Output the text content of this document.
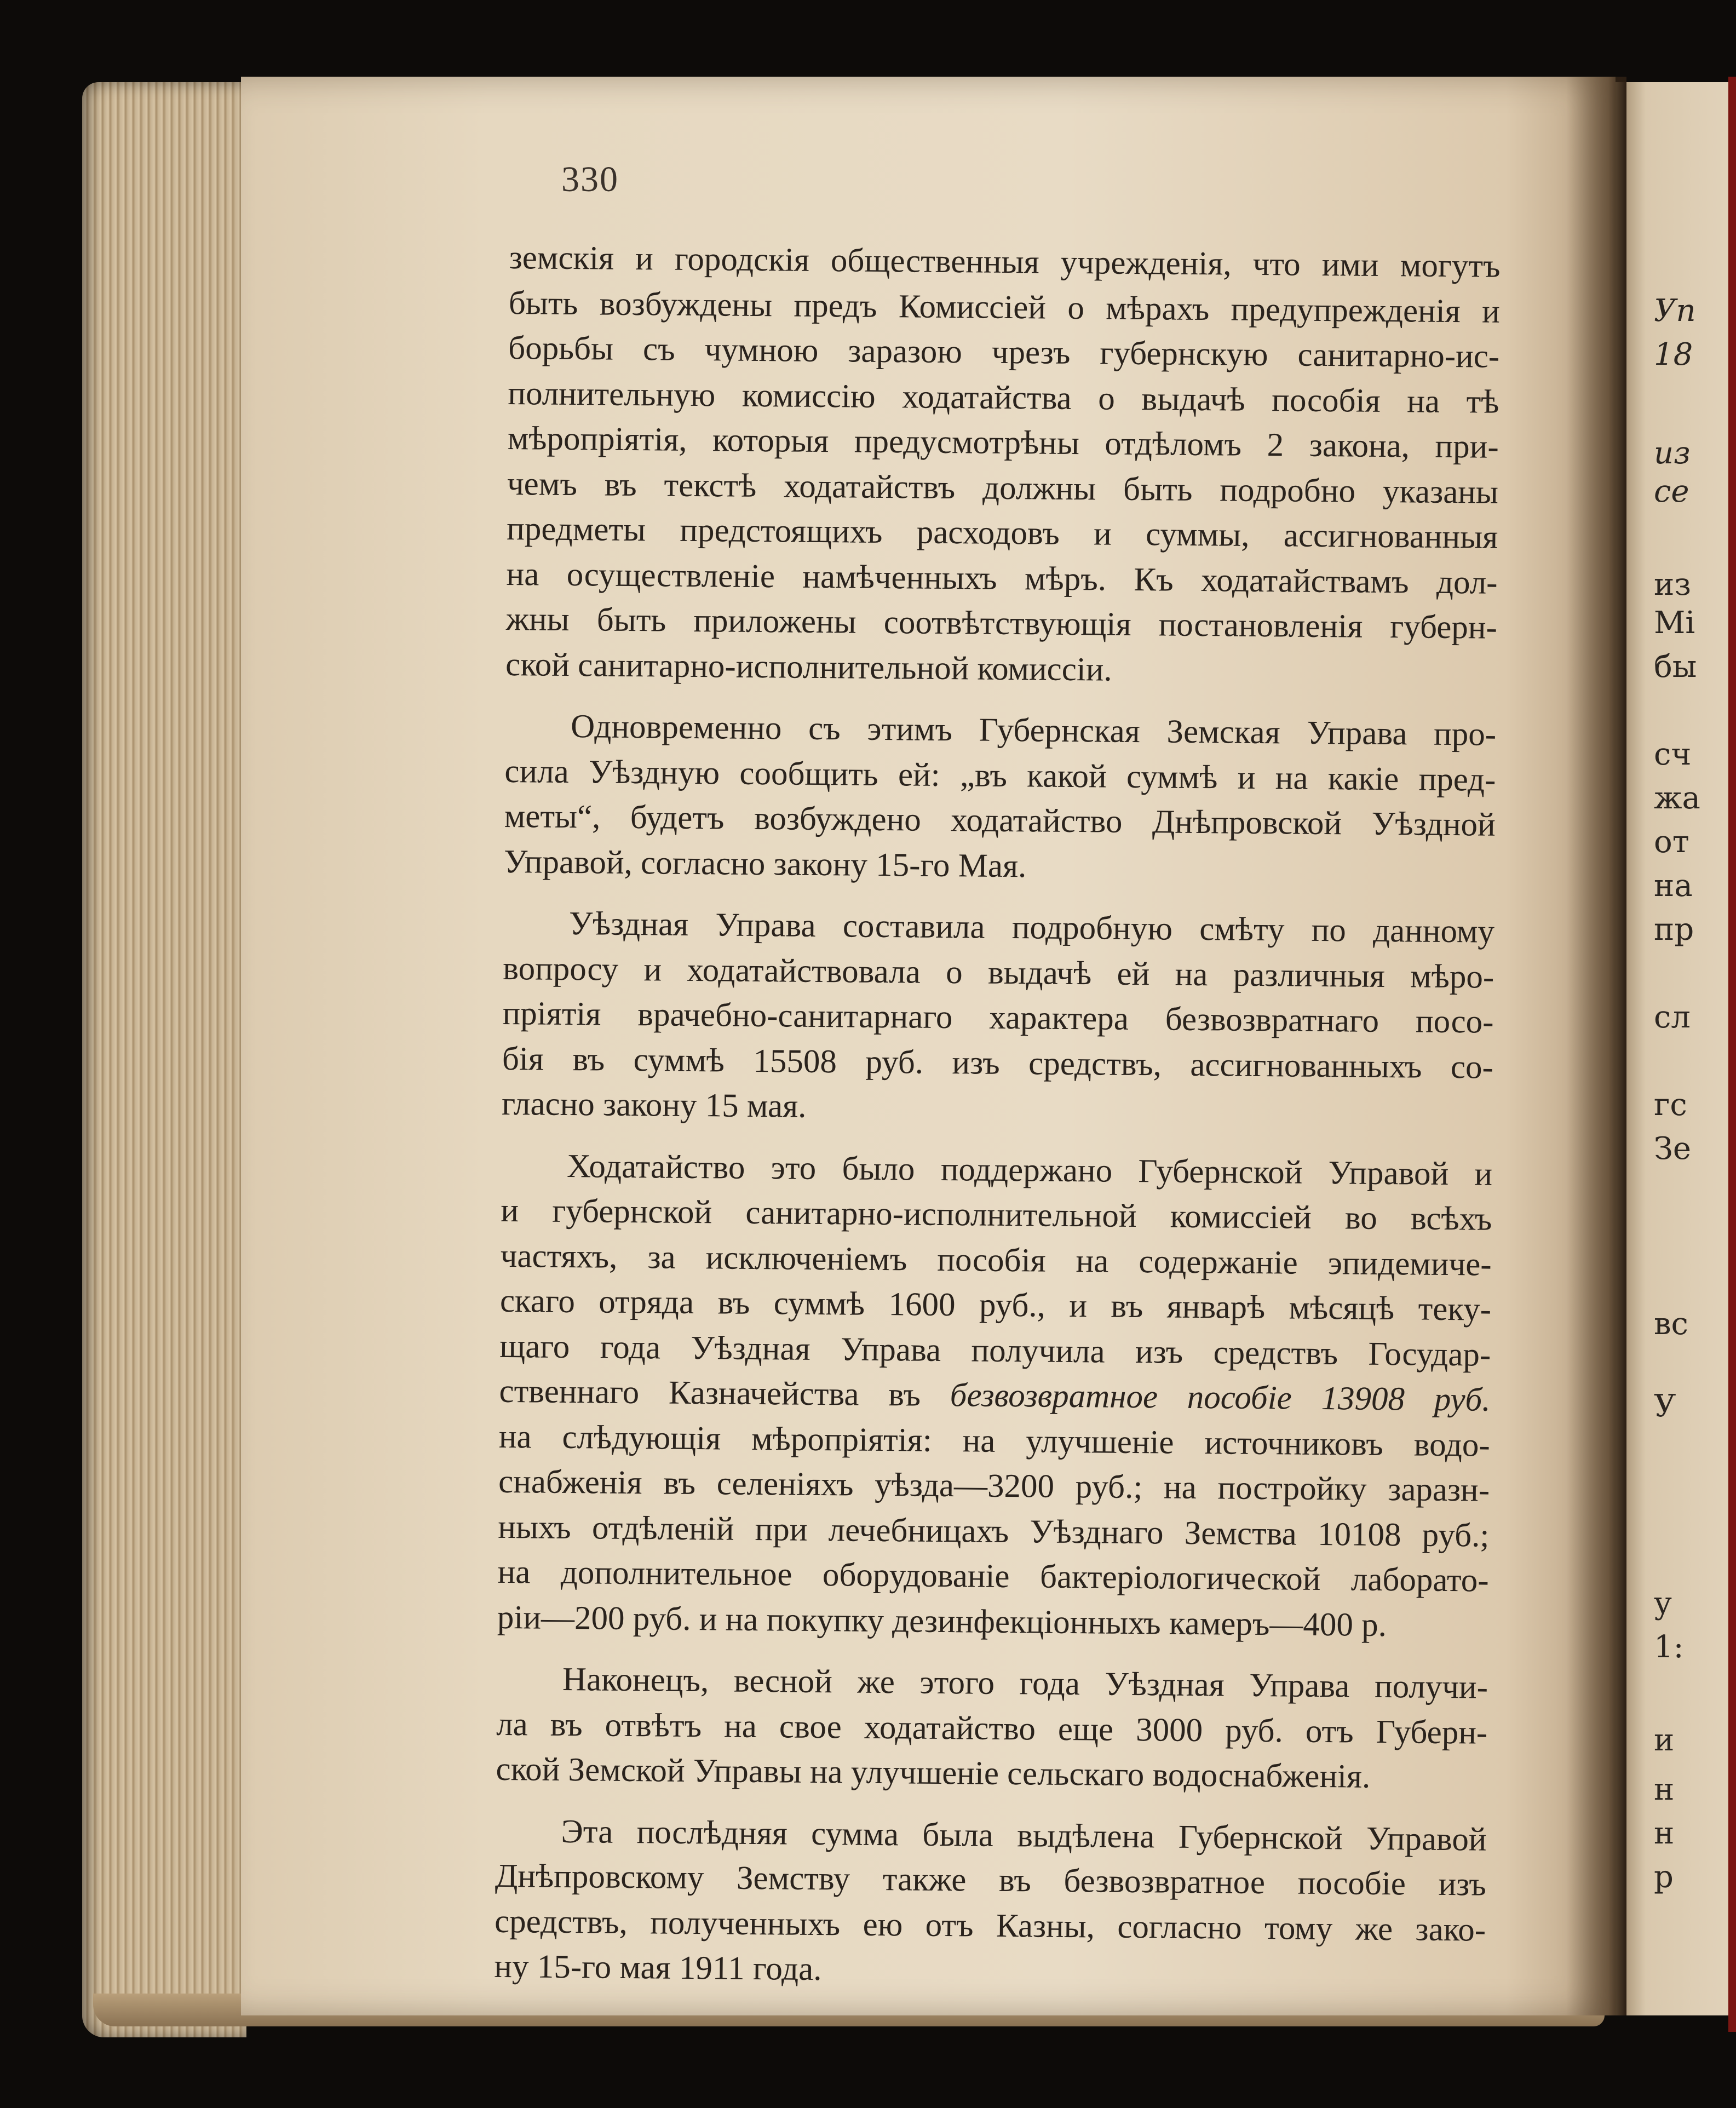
Уп
18
из
се
из
Мі
бы
сч
жа
от
на
пр
сл
гс
Зе
вс
У
у
1:
и
н
н
р
330
земскія и городскія общественныя учрежденія, что ими могутъ
быть возбуждены предъ Комиссіей о мѣрахъ предупрежденія и
борьбы съ чумною заразою чрезъ губернскую санитарно-ис-
полнительную комиссію ходатайства о выдачѣ пособія на тѣ
мѣропріятія, которыя предусмотрѣны отдѣломъ 2 закона, при-
чемъ въ текстѣ ходатайствъ должны быть подробно указаны
предметы предстоящихъ расходовъ и суммы, ассигнованныя
на осуществленіе намѣченныхъ мѣръ. Къ ходатайствамъ дол-
жны быть приложены соотвѣтствующія постановленія губерн-
ской санитарно-исполнительной комиссіи.
Одновременно съ этимъ Губернская Земская Управа про-
сила Уѣздную сообщить ей: „въ какой суммѣ и на какіе пред-
меты“, будетъ возбуждено ходатайство Днѣпровской Уѣздной
Управой, согласно закону 15-го Мая.
Уѣздная Управа составила подробную смѣту по данному
вопросу и ходатайствовала о выдачѣ ей на различныя мѣро-
пріятія врачебно-санитарнаго характера безвозвратнаго посо-
бія въ суммѣ 15508 руб. изъ средствъ, ассигнованныхъ со-
гласно закону 15 мая.
Ходатайство это было поддержано Губернской Управой и
и губернской санитарно-исполнительной комиссіей во всѣхъ
частяхъ, за исключеніемъ пособія на содержаніе эпидемиче-
скаго отряда въ суммѣ 1600 руб., и въ январѣ мѣсяцѣ теку-
щаго года Уѣздная Управа получила изъ средствъ Государ-
ственнаго Казначейства въ безвозвратное пособіе 13908 руб.
на слѣдующія мѣропріятія: на улучшеніе источниковъ водо-
снабженія въ селеніяхъ уѣзда—3200 руб.; на постройку заразн-
ныхъ отдѣленій при лечебницахъ Уѣзднаго Земства 10108 руб.;
на дополнительное оборудованіе бактеріологической лаборато-
ріи—200 руб. и на покупку дезинфекціонныхъ камеръ—400 р.
Наконецъ, весной же этого года Уѣздная Управа получи-
ла въ отвѣтъ на свое ходатайство еще 3000 руб. отъ Губерн-
ской Земской Управы на улучшеніе сельскаго водоснабженія.
Эта послѣдняя сумма была выдѣлена Губернской Управой
Днѣпровскому Земству также въ безвозвратное пособіе изъ
средствъ, полученныхъ ею отъ Казны, согласно тому же зако-
ну 15-го мая 1911 года.
